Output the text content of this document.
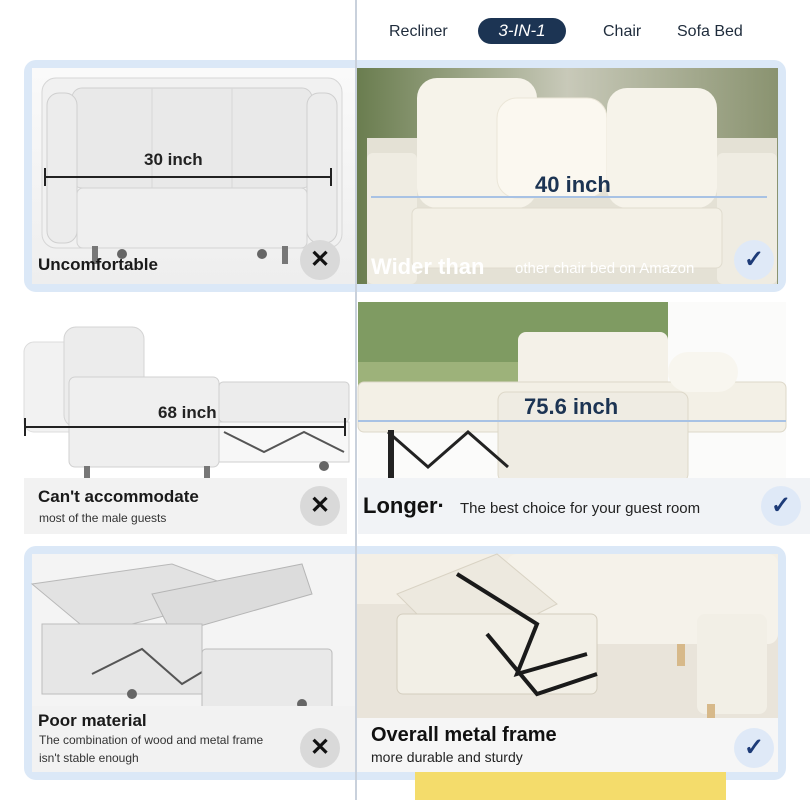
Recliner	3-IN-1	Chair Sofa Bed
30 inch
Uncomfortable	✕
40 inch
Wider than other chair bed on Amazon	✓
68 inch
Can't accommodate
most of the male guests	✕
75.6 inch
Longer· The best choice for your guest room	✓
Poor material
The combination of wood and metal frame
isn't stable enough	✕	Overall metal frame
more durable and sturdy	✓
